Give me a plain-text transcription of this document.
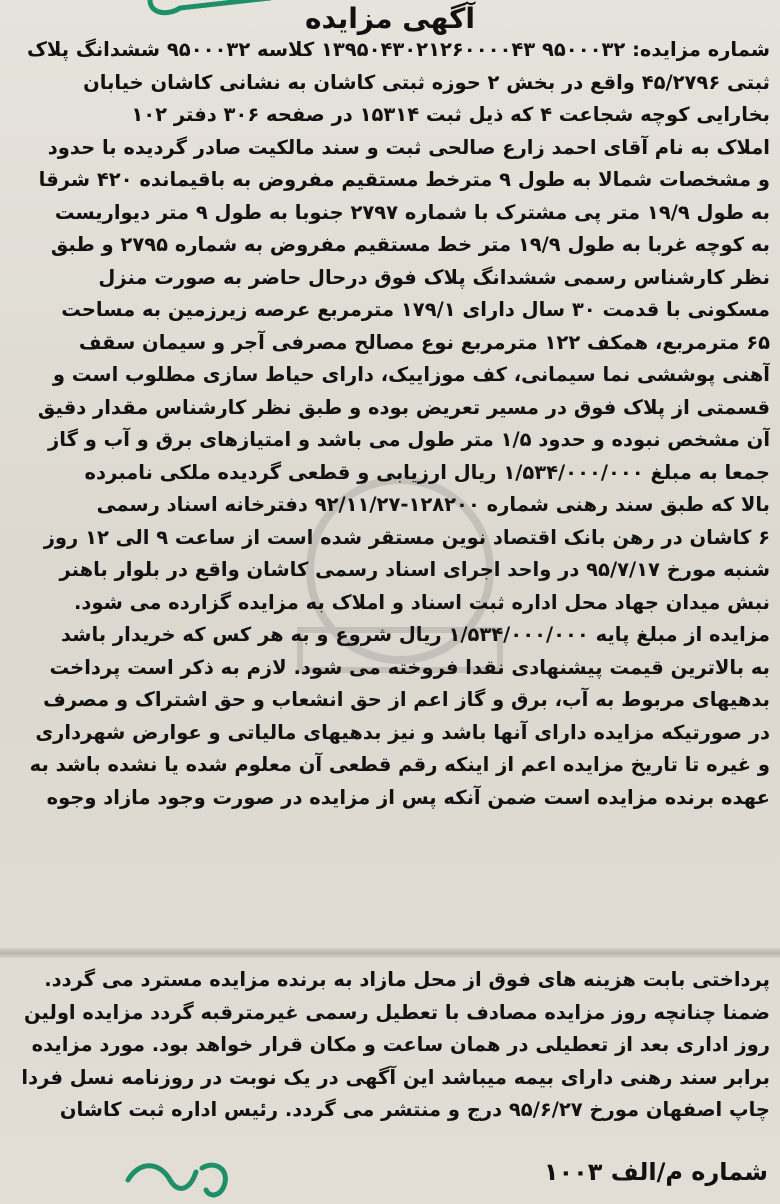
آگهی مزایده
شماره مزایده: ۹۵۰۰۰۳۲ ۱۳۹۵۰۴۳۰۲۱۲۶۰۰۰۰۴۳ کلاسه ۹۵۰۰۰۳۲ ششدانگ پلاک
ثبتی ۴۵/۲۷۹۶ واقع در بخش ۲ حوزه ثبتی کاشان به نشانی کاشان خیابان
بخارایی کوچه شجاعت ۴ که ذیل ثبت ۱۵۳۱۴ در صفحه ۳۰۶ دفتر ۱۰۲
املاک به نام آقای احمد زارع صالحی ثبت و سند مالکیت صادر گردیده با حدود
و مشخصات شمالا به طول ۹ مترخط مستقیم مفروض به باقیمانده ۴۲۰ شرقا
به طول ۱۹/۹ متر پی مشترک با شماره ۲۷۹۷ جنوبا به طول ۹ متر دیواریست
به کوچه غربا به طول ۱۹/۹ متر خط مستقیم مفروض به شماره ۲۷۹۵ و طبق
نظر کارشناس رسمی ششدانگ پلاک فوق درحال حاضر به صورت منزل
مسکونی با قدمت ۳۰ سال دارای ۱۷۹/۱ مترمربع عرصه زیرزمین به مساحت
۶۵ مترمربع، همکف ۱۲۲ مترمربع نوع مصالح مصرفی آجر و سیمان سقف
آهنی پوششی نما سیمانی، کف موزاییک، دارای حیاط سازی مطلوب است و
قسمتی از پلاک فوق در مسیر تعریض بوده و طبق نظر کارشناس مقدار دقیق
آن مشخص نبوده و حدود ۱/۵ متر طول می باشد و امتیازهای برق و آب و گاز
جمعا به مبلغ ۱/۵۳۴/۰۰۰/۰۰۰ ریال ارزیابی و قطعی گردیده ملکی نامبرده
بالا که طبق سند رهنی شماره ۱۲۸۲۰۰-۹۲/۱۱/۲۷ دفترخانه اسناد رسمی
۶ کاشان در رهن بانک اقتصاد نوین مستقر شده است از ساعت ۹ الی ۱۲ روز
شنبه مورخ ۹۵/۷/۱۷ در واحد اجرای اسناد رسمی کاشان واقع در بلوار باهنر
نبش میدان جهاد محل اداره ثبت اسناد و املاک به مزایده گزارده می شود.
مزایده از مبلغ پایه ۱/۵۳۴/۰۰۰/۰۰۰ ریال شروع و به هر کس که خریدار باشد
به بالاترین قیمت پیشنهادی نقدا فروخته می شود. لازم به ذکر است پرداخت
بدهیهای مربوط به آب، برق و گاز اعم از حق انشعاب و حق اشتراک و مصرف
در صورتیکه مزایده دارای آنها باشد و نیز بدهیهای مالیاتی و عوارض شهرداری
و غیره تا تاریخ مزایده اعم از اینکه رقم قطعی آن معلوم شده یا نشده باشد به
عهده برنده مزایده است ضمن آنکه پس از مزایده در صورت وجود مازاد وجوه
پرداختی بابت هزینه های فوق از محل مازاد به برنده مزایده مسترد می گردد.
ضمنا چنانچه روز مزایده مصادف با تعطیل رسمی غیرمترقبه گردد مزایده اولین
روز اداری بعد از تعطیلی در همان ساعت و مکان قرار خواهد بود. مورد مزایده
برابر سند رهنی دارای بیمه میباشد این آگهی در یک نوبت در روزنامه نسل فردا
چاپ اصفهان مورخ ۹۵/۶/۲۷ درج و منتشر می گردد. رئیس اداره ثبت کاشان
شماره م/الف ۱۰۰۳
